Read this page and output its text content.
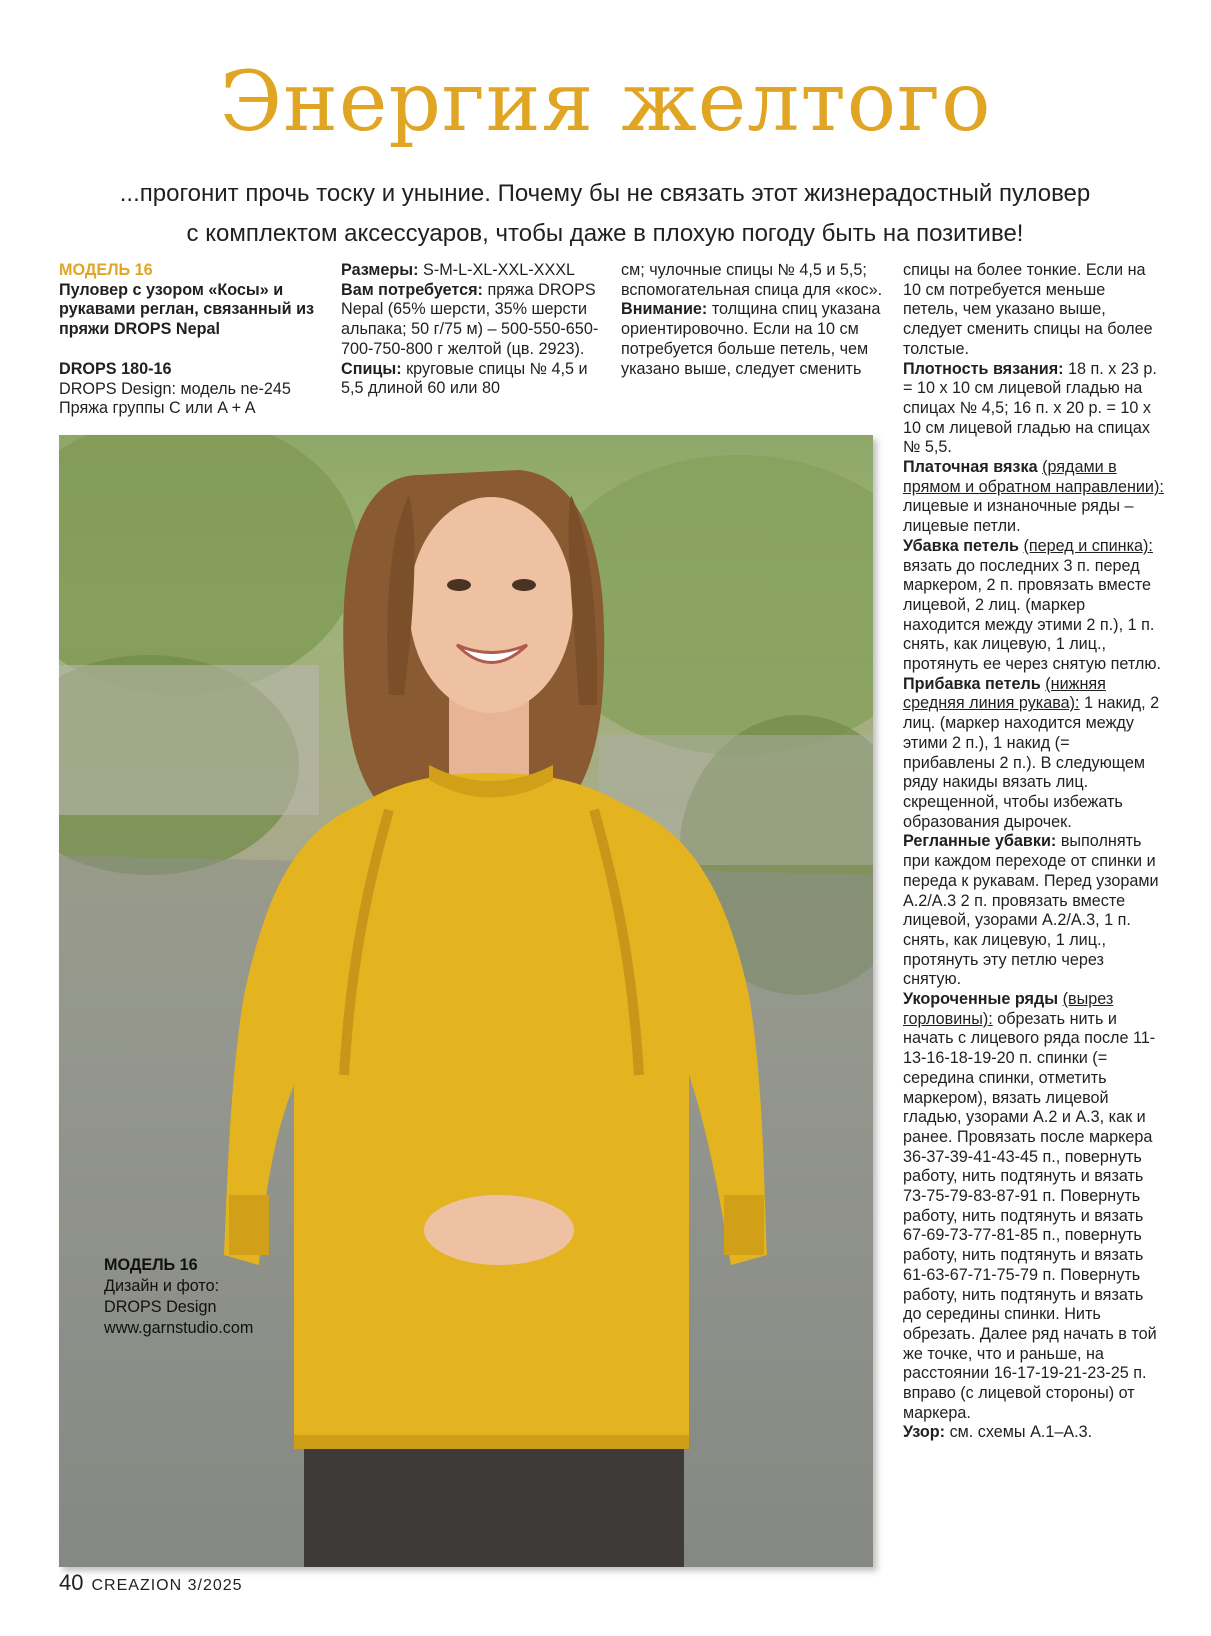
Энергия желтого
...прогонит прочь тоску и уныние. Почему бы не связать этот жизнерадостный пуловер
с комплектом аксессуаров, чтобы даже в плохую погоду быть на позитиве!
МОДЕЛЬ 16
Пуловер с узором «Косы» и рукавами реглан, связанный из пряжи DROPS Nepal
DROPS 180-16
DROPS Design: модель ne-245
Пряжа группы C или A + A
Размеры: S-M-L-XL-XXL-XXXL
Вам потребуется: пряжа DROPS Nepal (65% шерсти, 35% шерсти альпака; 50 г/75 м) – 500-550-650-700-750-800 г желтой (цв. 2923).
Спицы: круговые спицы № 4,5 и 5,5 длиной 60 или 80
см; чулочные спицы № 4,5 и 5,5; вспомогательная спица для «кос».
Внимание: толщина спиц указана ориентировочно. Если на 10 см потребуется больше петель, чем указано выше, следует сменить
спицы на более тонкие. Если на 10 см потребуется меньше петель, чем указано выше, следует сменить спицы на более толстые.
Плотность вязания: 18 п. х 23 р. = 10 х 10 см лицевой гладью на спицах № 4,5; 16 п. х 20 р. = 10 х 10 см лицевой гладью на спицах № 5,5.
Платочная вязка (рядами в прямом и обратном направлении): лицевые и изнаночные ряды – лицевые петли.
Убавка петель (перед и спинка): вязать до последних 3 п. перед маркером, 2 п. провязать вместе лицевой, 2 лиц. (маркер находится между этими 2 п.), 1 п. снять, как лицевую, 1 лиц., протянуть ее через снятую петлю.
Прибавка петель (нижняя средняя линия рукава): 1 накид, 2 лиц. (маркер находится между этими 2 п.), 1 накид (= прибавлены 2 п.). В следующем ряду накиды вязать лиц. скрещенной, чтобы избежать образования дырочек.
Регланные убавки: выполнять при каждом переходе от спинки и переда к рукавам. Перед узорами A.2/A.3 2 п. провязать вместе лицевой, узорами A.2/A.3, 1 п. снять, как лицевую, 1 лиц., протянуть эту петлю через снятую.
Укороченные ряды (вырез горловины): обрезать нить и начать с лицевого ряда после 11-13-16-18-19-20 п. спинки (= середина спинки, отметить маркером), вязать лицевой гладью, узорами A.2 и A.3, как и ранее. Провязать после маркера 36-37-39-41-43-45 п., повернуть работу, нить подтянуть и вязать 73-75-79-83-87-91 п. Повернуть работу, нить подтянуть и вязать 67-69-73-77-81-85 п., повернуть работу, нить подтянуть и вязать 61-63-67-71-75-79 п. Повернуть работу, нить подтянуть и вязать до середины спинки. Нить обрезать. Далее ряд начать в той же точке, что и раньше, на расстоянии 16-17-19-21-23-25 п. вправо (с лицевой стороны) от маркера.
Узор: см. схемы A.1–A.3.
МОДЕЛЬ 16
Дизайн и фото:
DROPS Design
www.garnstudio.com
40 CREAZION 3/2025
